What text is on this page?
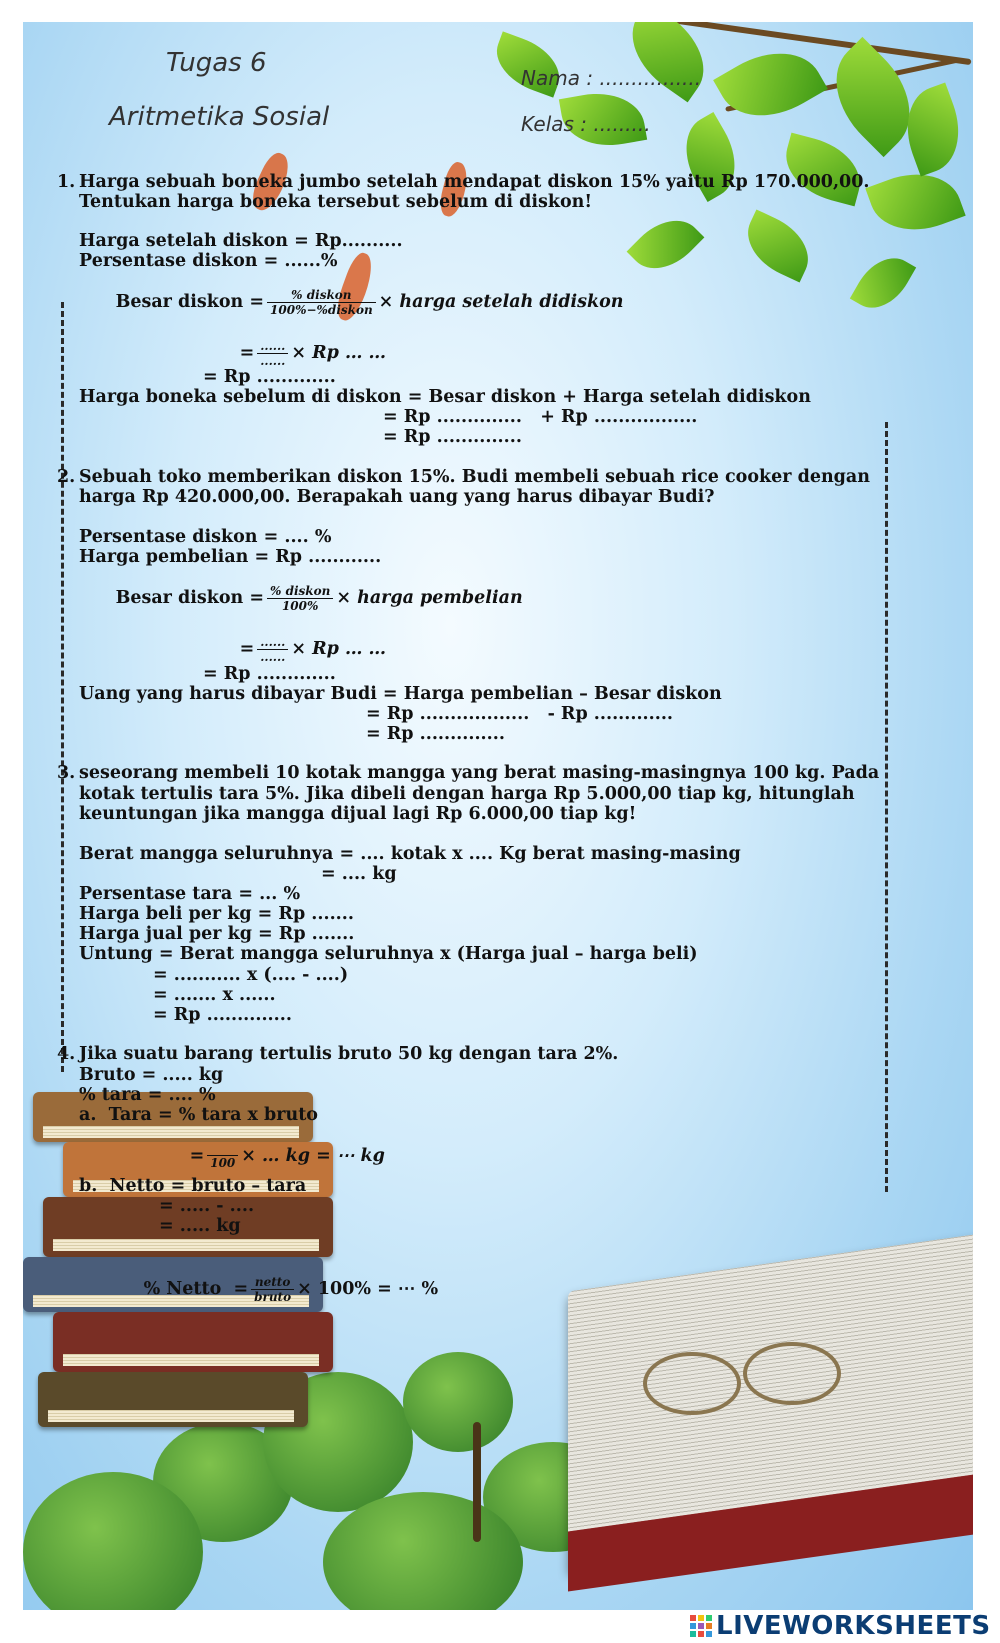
Tugas 6
Aritmetika Sosial
Nama : ................
Kelas : .........
1. Harga sebuah boneka jumbo setelah mendapat diskon 15% yaitu Rp 170.000,00.
Tentukan harga boneka tersebut sebelum di diskon!
Harga setelah diskon = Rp..........
Persentase diskon = ......%

Besar diskon = $\frac{\text{\% diskon}}{\text{100\%−\%diskon}}$ × harga setelah didiskon

= $\frac{......}{......} \times Rp$ … …

= Rp .............
Harga boneka sebelum di diskon = Besar diskon + Harga setelah didiskon
= Rp ..............   + Rp .................
= Rp ..............
2. Sebuah toko memberikan diskon 15%. Budi membeli sebuah rice cooker dengan
harga Rp 420.000,00. Berapakah uang yang harus dibayar Budi?
Persentase diskon = .... %
Harga pembelian = Rp ............

Besar diskon = $\frac{\text{\% diskon}}{100\%}$ × harga pembelian

= $\frac{......}{......} \times Rp$ … …

= Rp .............
Uang yang harus dibayar Budi = Harga pembelian – Besar diskon
= Rp ..................   - Rp .............
= Rp ..............
3. seseorang membeli 10 kotak mangga yang berat masing-masingnya 100 kg. Pada
kotak tertulis tara 5%. Jika dibeli dengan harga Rp 5.000,00 tiap kg, hitunglah
keuntungan jika mangga dijual lagi Rp 6.000,00 tiap kg!
Berat mangga seluruhnya = .... kotak x .... Kg berat masing-masing
= .... kg
Persentase tara = ... %
Harga beli per kg = Rp .......
Harga jual per kg = Rp .......
Untung = Berat mangga seluruhnya x (Harga jual – harga beli)
= ........... x (.... - ....)
= ....... x ......
= Rp ..............
4. Jika suatu barang tertulis bruto 50 kg dengan tara 2%.
Bruto = ..... kg
% tara = .... %
a.  Tara = % tara x bruto

= 100 × … kg = ⋯ kg

b.  Netto = bruto – tara
= ..... - ....
= ..... kg

% Netto  = $\frac{\text{netto}}{\text{bruto}} \times 100\%$ = ⋯ %

LIVEWORKSHEETS
